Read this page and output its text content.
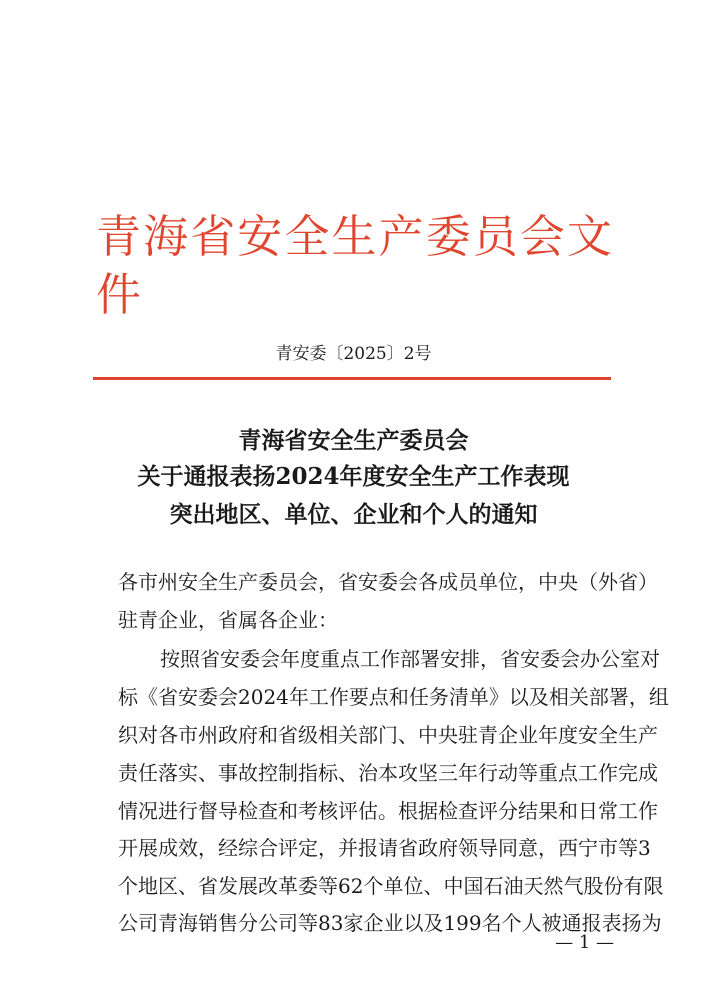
青海省安全生产委员会文件
青安委〔2025〕2号
青海省安全生产委员会
关于通报表扬2024年度安全生产工作表现
突出地区、单位、企业和个人的通知
各市州安全生产委员会，省安委会各成员单位，中央（外省）
驻青企业，省属各企业：
按照省安委会年度重点工作部署安排，省安委会办公室对
标《省安委会2024年工作要点和任务清单》以及相关部署，组
织对各市州政府和省级相关部门、中央驻青企业年度安全生产
责任落实、事故控制指标、治本攻坚三年行动等重点工作完成
情况进行督导检查和考核评估。根据检查评分结果和日常工作
开展成效，经综合评定，并报请省政府领导同意，西宁市等3
个地区、省发展改革委等62个单位、中国石油天然气股份有限
公司青海销售分公司等83家企业以及199名个人被通报表扬为
— 1 —
